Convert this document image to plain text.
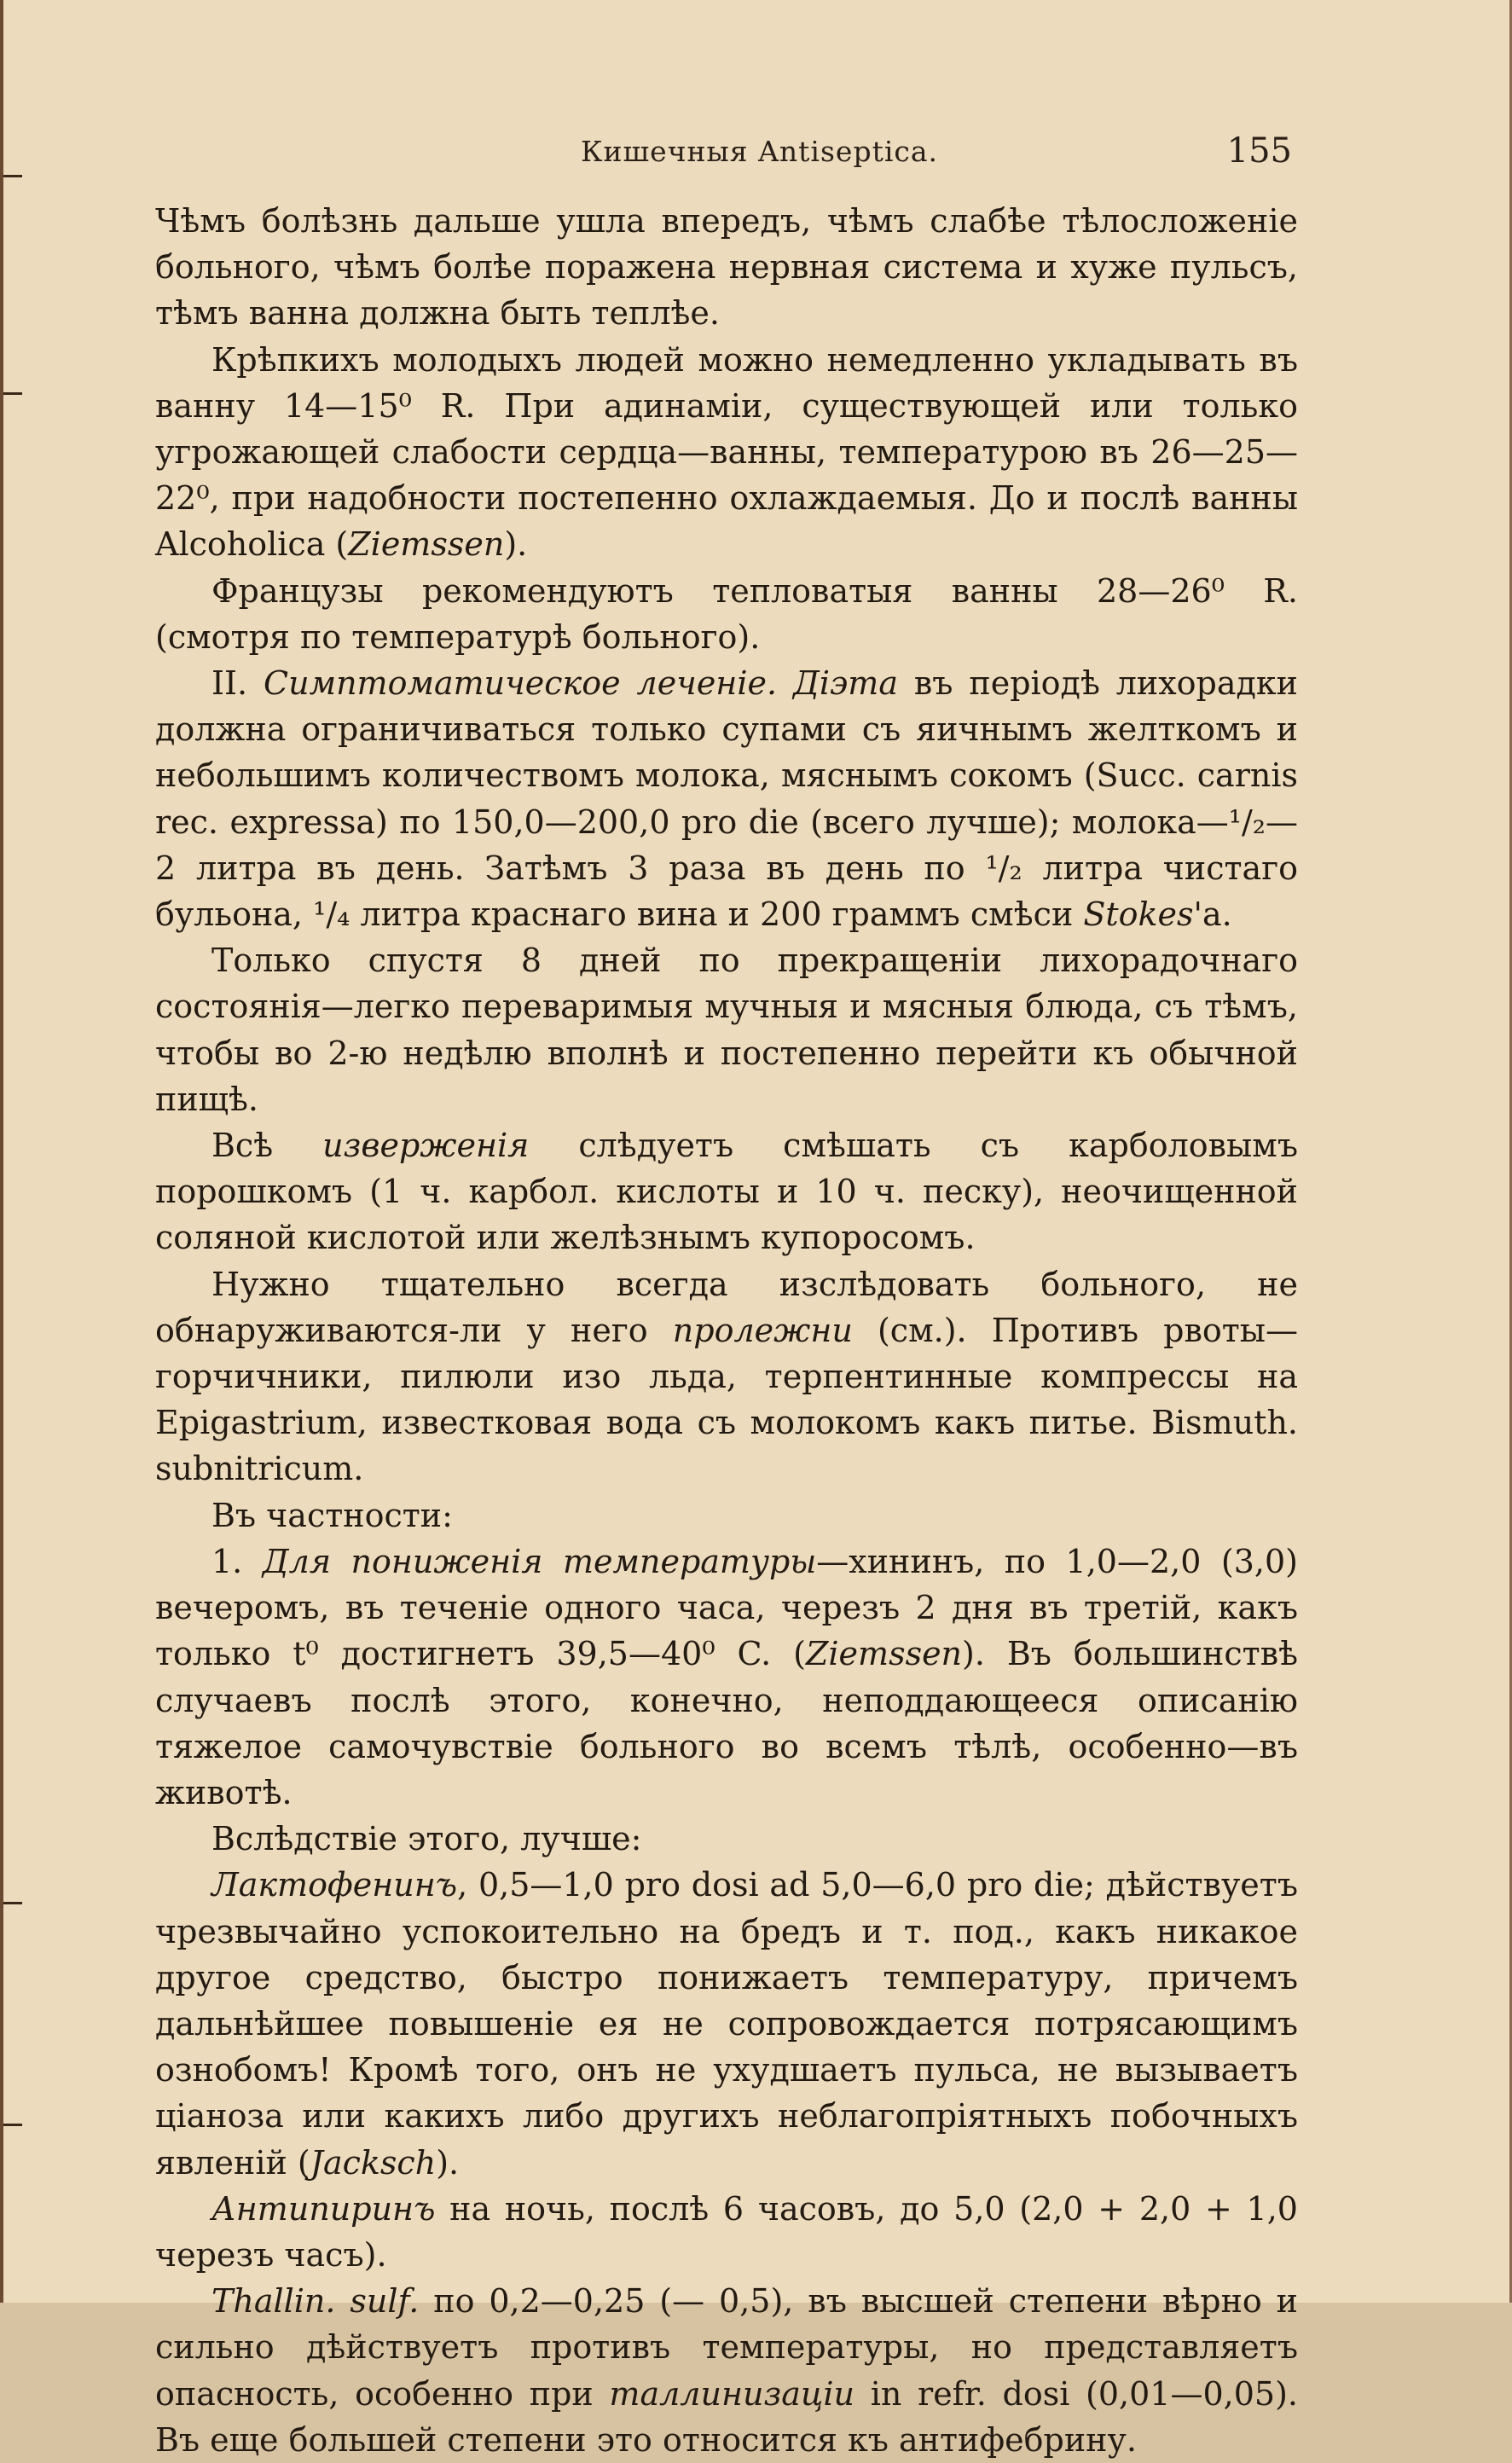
Кишечныя Antiseptica.	155

Чѣмъ болѣзнь дальше ушла впередъ, чѣмъ слабѣе тѣлосложеніе больного, чѣмъ болѣе поражена нервная система и хуже пульсъ, тѣмъ ванна должна быть теплѣе.

Крѣпкихъ молодыхъ людей можно немедленно укладывать въ ванну 14—15⁰ R. При адинаміи, существующей или только угрожающей слабости сердца—ванны, температурою въ 26—25—22⁰, при надобности постепенно охлаждаемыя. До и послѣ ванны Alcoholica (Ziemssen).

Французы рекомендуютъ тепловатыя ванны 28—26⁰ R. (смотря по температурѣ больного).

II. Симптоматическое леченіе. Діэта въ періодѣ лихорадки должна ограничиваться только супами съ яичнымъ желткомъ и небольшимъ количествомъ молока, мяснымъ сокомъ (Succ. carnis rec. expressa) по 150,0—200,0 pro die (всего лучше); молока—¹/₂—2 литра въ день. Затѣмъ 3 раза въ день по ¹/₂ литра чистаго бульона, ¹/₄ литра краснаго вина и 200 граммъ смѣси Stokes'а.

Только спустя 8 дней по прекращеніи лихорадочнаго состоянія—легко переваримыя мучныя и мясныя блюда, съ тѣмъ, чтобы во 2-ю недѣлю вполнѣ и постепенно перейти къ обычной пищѣ.

Всѣ изверженія слѣдуетъ смѣшать съ карболовымъ порошкомъ (1 ч. карбол. кислоты и 10 ч. песку), неочищенной соляной кислотой или желѣзнымъ купоросомъ.

Нужно тщательно всегда изслѣдовать больного, не обнаруживаются-ли у него пролежни (см.). Противъ рвоты—горчичники, пилюли изо льда, терпентинные компрессы на Epigastrium, известковая вода съ молокомъ какъ питье. Bismuth. subnitricum.

Въ частности:

1. Для пониженія температуры—хининъ, по 1,0—2,0 (3,0) вечеромъ, въ теченіе одного часа, черезъ 2 дня въ третій, какъ только t⁰ достигнетъ 39,5—40⁰ C. (Ziemssen). Въ большинствѣ случаевъ послѣ этого, конечно, неподдающееся описанію тяжелое самочувствіе больного во всемъ тѣлѣ, особенно—въ животѣ.

Вслѣдствіе этого, лучше:

Лактофенинъ, 0,5—1,0 pro dosi ad 5,0—6,0 pro die; дѣйствуетъ чрезвычайно успокоительно на бредъ и т. под., какъ никакое другое средство, быстро понижаетъ температуру, причемъ дальнѣйшее повышеніе ея не сопровождается потрясающимъ ознобомъ! Кромѣ того, онъ не ухудшаетъ пульса, не вызываетъ ціаноза или какихъ либо другихъ неблагопріятныхъ побочныхъ явленій (Jacksch).

Антипиринъ на ночь, послѣ 6 часовъ, до 5,0 (2,0 + 2,0 + 1,0 черезъ часъ).

Thallin. sulf. по 0,2—0,25 (— 0,5), въ высшей степени вѣрно и сильно дѣйствуетъ противъ температуры, но представляетъ опасность, особенно при таллинизаціи in refr. dosi (0,01—0,05). Въ еще большей степени это относится къ антифебрину.
